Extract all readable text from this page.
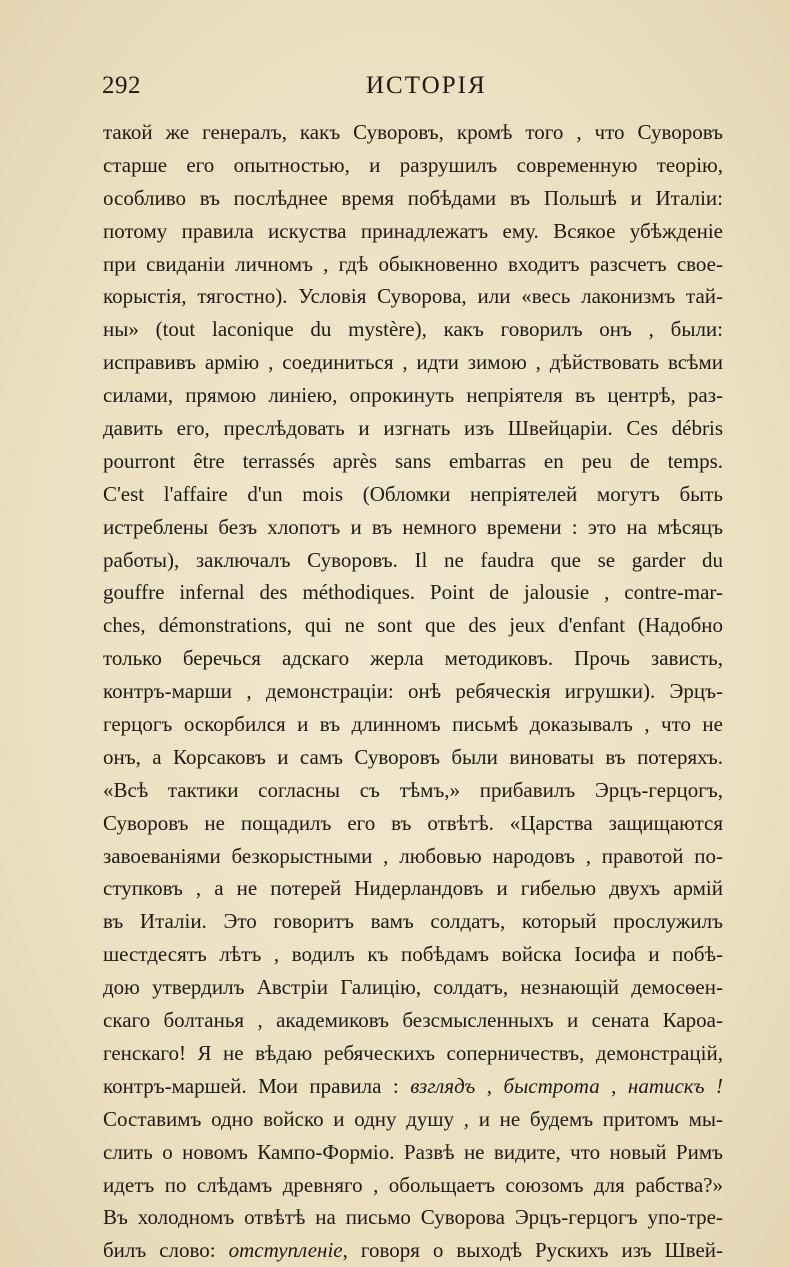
292	ИСТОРІЯ
такой же генералъ, какъ Суворовъ, кромѣ того , что Суворовъ
старше его опытностью, и разрушилъ современную теорію,
особливо въ послѣднее время побѣдами въ Польшѣ и Италіи:
потому правила искуства принадлежатъ ему. Всякое убѣжденіе
при свиданіи личномъ , гдѣ обыкновенно входитъ разсчетъ свое-
корыстія, тягостно). Условія Суворова, или «весь лаконизмъ тай-
ны» (tout laconique du mystère), какъ говорилъ онъ , были:
исправивъ армію , соединиться , идти зимою , дѣйствовать всѣми
силами, прямою линіею, опрокинуть непріятеля въ центрѣ, раз-
давить его, преслѣдовать и изгнать изъ Швейцаріи. Ces débris
pourront être terrassés après sans embarras en peu de temps.
C'est l'affaire d'un mois (Обломки непріятелей могутъ быть
истреблены безъ хлопотъ и въ немного времени : это на мѣсяцъ
работы), заключалъ Суворовъ. Il ne faudra que se garder du
gouffre infernal des méthodiques. Point de jalousie , contre-mar-
ches, démonstrations, qui ne sont que des jeux d'enfant (Надобно
только беречься адскаго жерла методиковъ. Прочь зависть,
контръ-марши , демонстраціи: онѣ ребяческія игрушки). Эрцъ-
герцогъ оскорбился и въ длинномъ письмѣ доказывалъ , что не
онъ, а Корсаковъ и самъ Суворовъ были виноваты въ потеряхъ.
«Всѣ тактики согласны съ тѣмъ,» прибавилъ Эрцъ-герцогъ,
Суворовъ не пощадилъ его въ отвѣтѣ. «Царства защищаются
завоеваніями безкорыстными , любовью народовъ , правотой по-
ступковъ , а не потерей Нидерландовъ и гибелью двухъ армій
въ Италіи. Это говоритъ вамъ солдатъ, который прослужилъ
шестдесятъ лѣтъ , водилъ къ побѣдамъ войска Іосифа и побѣ-
дою утвердилъ Австріи Галицію, солдатъ, незнающій демосѳен-
скаго болтанья , академиковъ безсмысленныхъ и сената Кароа-
генскаго! Я не вѣдаю ребяческихъ соперничествъ, демонстрацій,
контръ-маршей. Мои правила : взглядъ , быстрота , натискъ !
Составимъ одно войско и одну душу , и не будемъ притомъ мы-
слить о новомъ Кампо-Форміо. Развѣ не видите, что новый Римъ
идетъ по слѣдамъ древняго , обольщаетъ союзомъ для рабства?»
Въ холодномъ отвѣтѣ на письмо Суворова Эрцъ-герцогъ упо-тре-
билъ слово: отступленіе, говоря о выходѣ Рускихъ изъ Швей-
